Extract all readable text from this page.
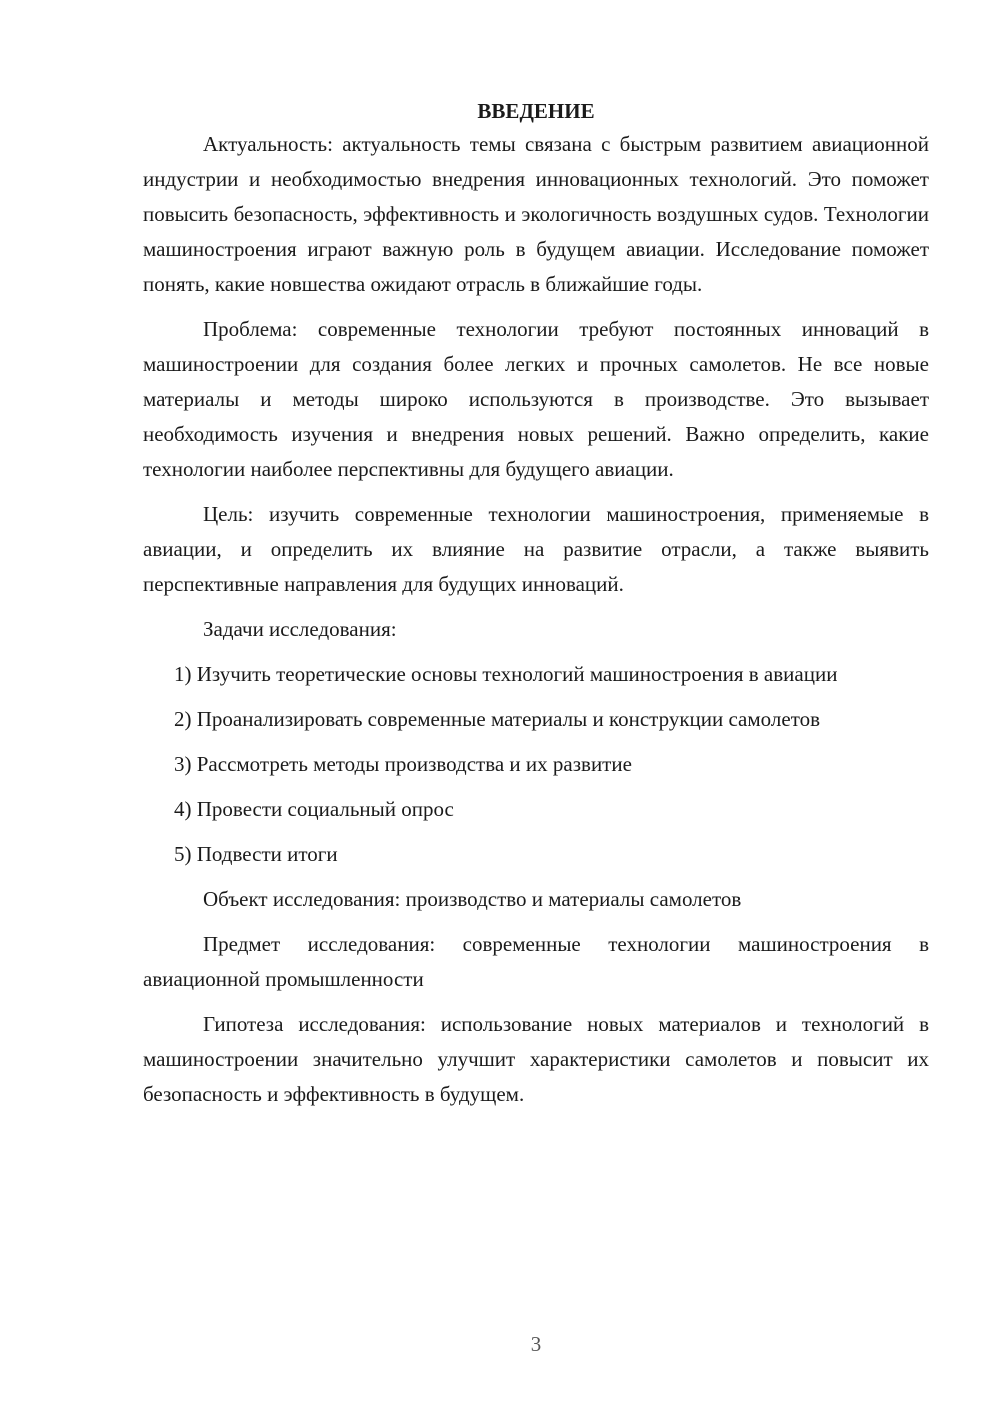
ВВЕДЕНИЕ

Актуальность: актуальность темы связана с быстрым развитием авиационной индустрии и необходимостью внедрения инновационных технологий. Это поможет повысить безопасность, эффективность и экологичность воздушных судов. Технологии машиностроения играют важную роль в будущем авиации. Исследование поможет понять, какие новшества ожидают отрасль в ближайшие годы.

Проблема: современные технологии требуют постоянных инноваций в машиностроении для создания более легких и прочных самолетов. Не все новые материалы и методы широко используются в производстве. Это вызывает необходимость изучения и внедрения новых решений. Важно определить, какие технологии наиболее перспективны для будущего авиации.

Цель: изучить современные технологии машиностроения, применяемые в авиации, и определить их влияние на развитие отрасли, а также выявить перспективные направления для будущих инноваций.

Задачи исследования:

1) Изучить теоретические основы технологий машиностроения в авиации

2) Проанализировать современные материалы и конструкции самолетов

3) Рассмотреть методы производства и их развитие

4) Провести социальный опрос

5) Подвести итоги

Объект исследования: производство и материалы самолетов

Предмет исследования: современные технологии машиностроения в авиационной промышленности

Гипотеза исследования: использование новых материалов и технологий в машиностроении значительно улучшит характеристики самолетов и повысит их безопасность и эффективность в будущем.

3
